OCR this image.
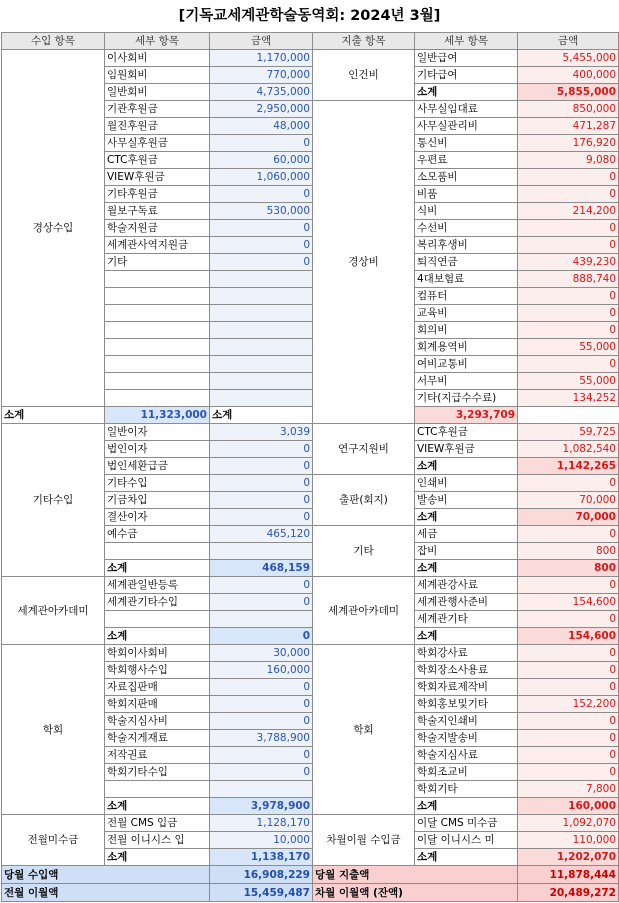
[기독교세계관학술동역회: 2024년 3월]
수입 항목	세부 항목	금액	지출 항목	세부 항목	금액
경상수입	이사회비	1,170,000	인건비	일반급여	5,455,000
	임원회비	770,000		기타급여	400,000
	일반회비	4,735,000		소계	5,855,000
	기관후원금	2,950,000	경상비	사무실임대료	850,000
	월진후원금	48,000		사무실관리비	471,287
	사무실후원금	0		통신비	176,920
	CTC후원금	60,000		우편료	9,080
	VIEW후원금	1,060,000		소모품비	0
	기타후원금	0		비품	0
	월보구독료	530,000		식비	214,200
	학술지원금	0		수선비	0
	세계관사역지원금	0		복리후생비	0
	기타	0		퇴직연금	439,230
				4대보험료	888,740
				컴퓨터	0
				교육비	0
				회의비	0
				회계용역비	55,000
				여비교통비	0
				서무비	55,000
				기타(지급수수료)	134,252
소계	11,323,000	소계		3,293,709	
기타수입	일반이자	3,039	연구지원비	CTC후원금	59,725
	법인이자	0		VIEW후원금	1,082,540
	법인세환급금	0		소계	1,142,265
	기타수입	0	출판(회지)	인쇄비	0
	기금차입	0		발송비	70,000
	결산이자	0		소계	70,000
	예수금	465,120	기타	세금	0
				잡비	800
	소계	468,159		소계	800
세계관아카데미	세계관일반등록	0	세계관아카데미	세계관강사료	0
	세계관기타수입	0		세계관행사준비	154,600
				세계관기타	0
	소계	0		소계	154,600
학회	학회이사회비	30,000	학회	학회강사료	0
	학회행사수입	160,000		학회장소사용료	0
	자료집판매	0		학회자료제작비	0
	학회지판매	0		학회홍보및기타	152,200
	학술지심사비	0		학술지인쇄비	0
	학술지게재료	3,788,900		학술지발송비	0
	저작권료	0		학술지심사료	0
	학회기타수입	0		학회조교비	0
				학회기타	7,800
	소계	3,978,900		소계	160,000
전월미수금	전월 CMS 입금	1,128,170	차월이월 수입금	이달 CMS 미수금	1,092,070
	전월 이니시스 입	10,000		이달 이니시스 미	110,000
	소계	1,138,170		소계	1,202,070
당월 수입액		16,908,229	당월 지출액		11,878,444
전월 이월액		15,459,487	차월 이월액 (잔액)		20,489,272
